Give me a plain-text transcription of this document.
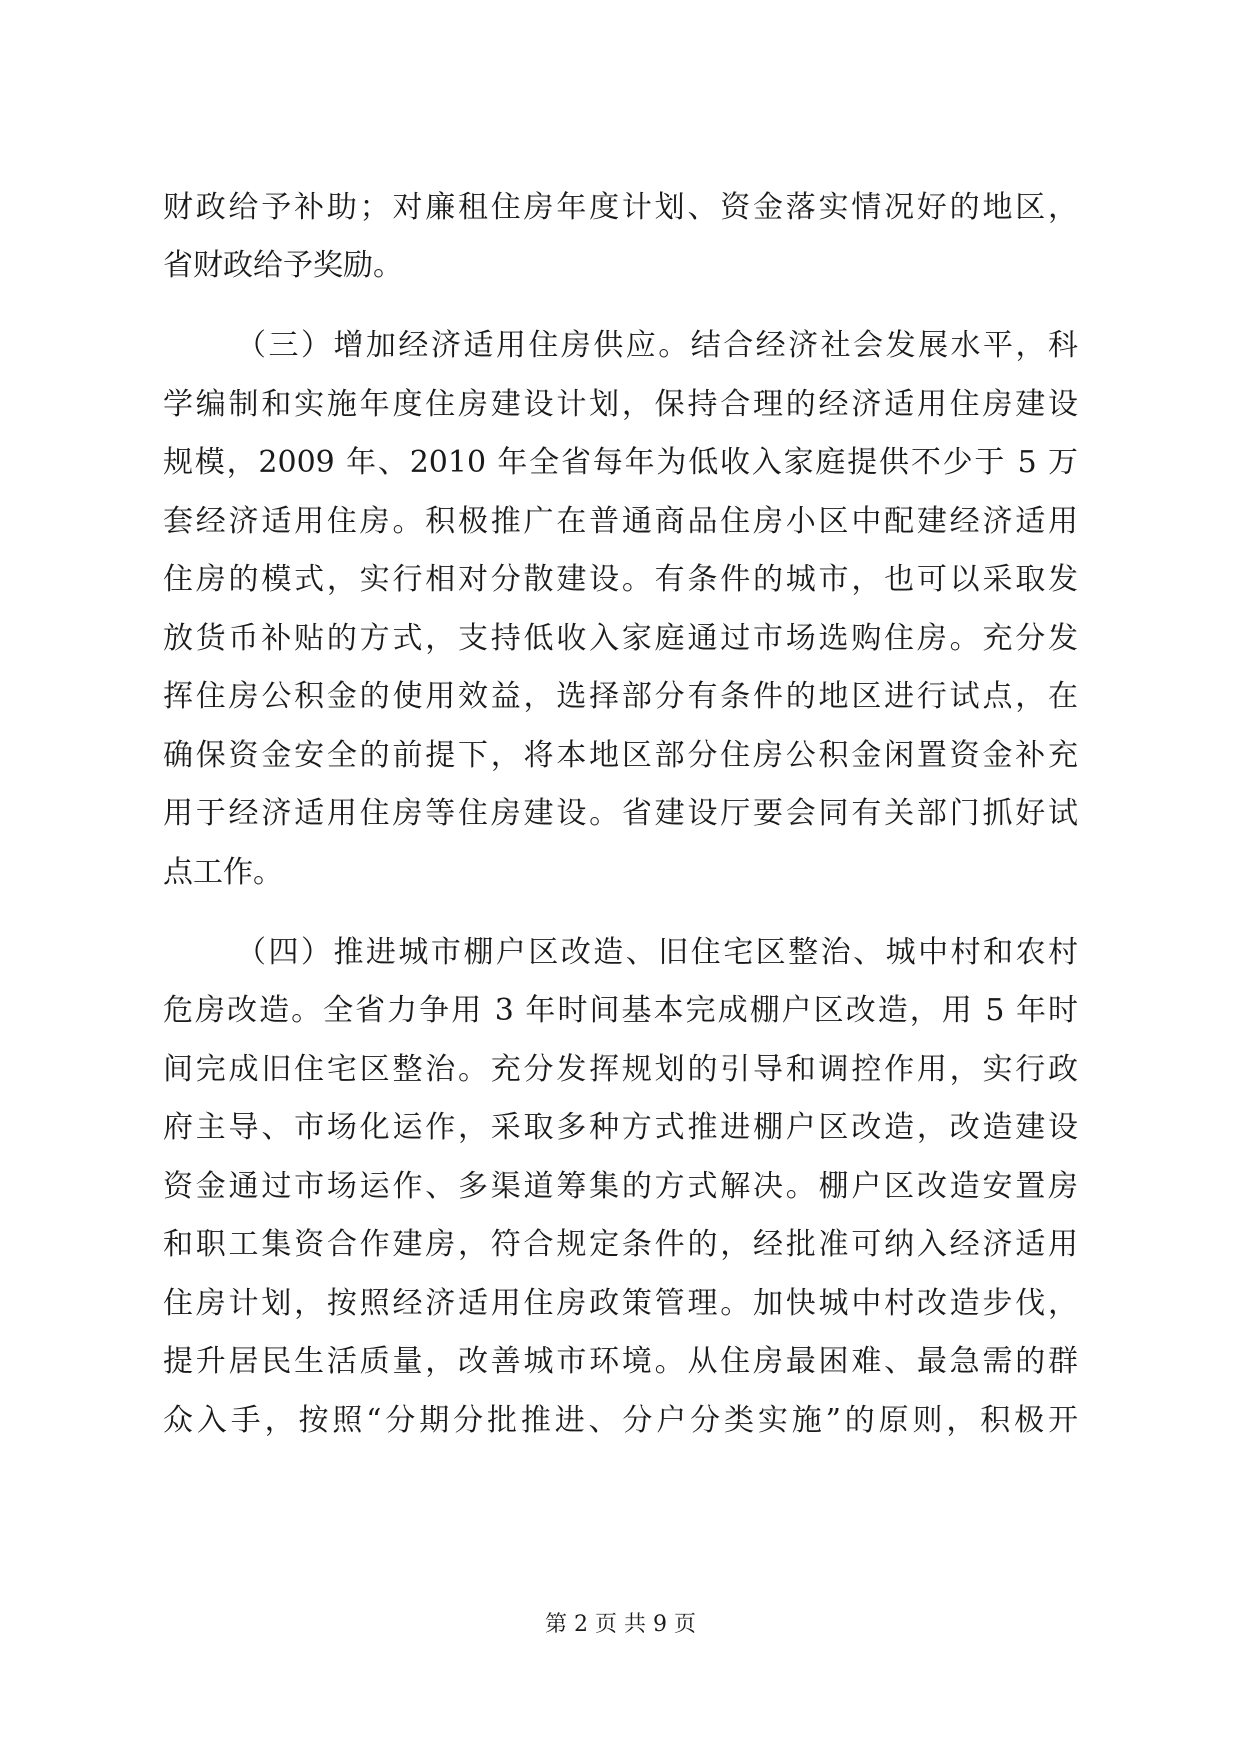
财政给予补助；对廉租住房年度计划、资金落实情况好的地区，
省财政给予奖励。
（三）增加经济适用住房供应。结合经济社会发展水平，科
学编制和实施年度住房建设计划，保持合理的经济适用住房建设
规模，2009 年、2010 年全省每年为低收入家庭提供不少于 5 万
套经济适用住房。积极推广在普通商品住房小区中配建经济适用
住房的模式，实行相对分散建设。有条件的城市，也可以采取发
放货币补贴的方式，支持低收入家庭通过市场选购住房。充分发
挥住房公积金的使用效益，选择部分有条件的地区进行试点，在
确保资金安全的前提下，将本地区部分住房公积金闲置资金补充
用于经济适用住房等住房建设。省建设厅要会同有关部门抓好试
点工作。
（四）推进城市棚户区改造、旧住宅区整治、城中村和农村
危房改造。全省力争用 3 年时间基本完成棚户区改造，用 5 年时
间完成旧住宅区整治。充分发挥规划的引导和调控作用，实行政
府主导、市场化运作，采取多种方式推进棚户区改造，改造建设
资金通过市场运作、多渠道筹集的方式解决。棚户区改造安置房
和职工集资合作建房，符合规定条件的，经批准可纳入经济适用
住房计划，按照经济适用住房政策管理。加快城中村改造步伐，
提升居民生活质量，改善城市环境。从住房最困难、最急需的群
众入手，按照“分期分批推进、分户分类实施”的原则，积极开
第 2 页 共 9 页
